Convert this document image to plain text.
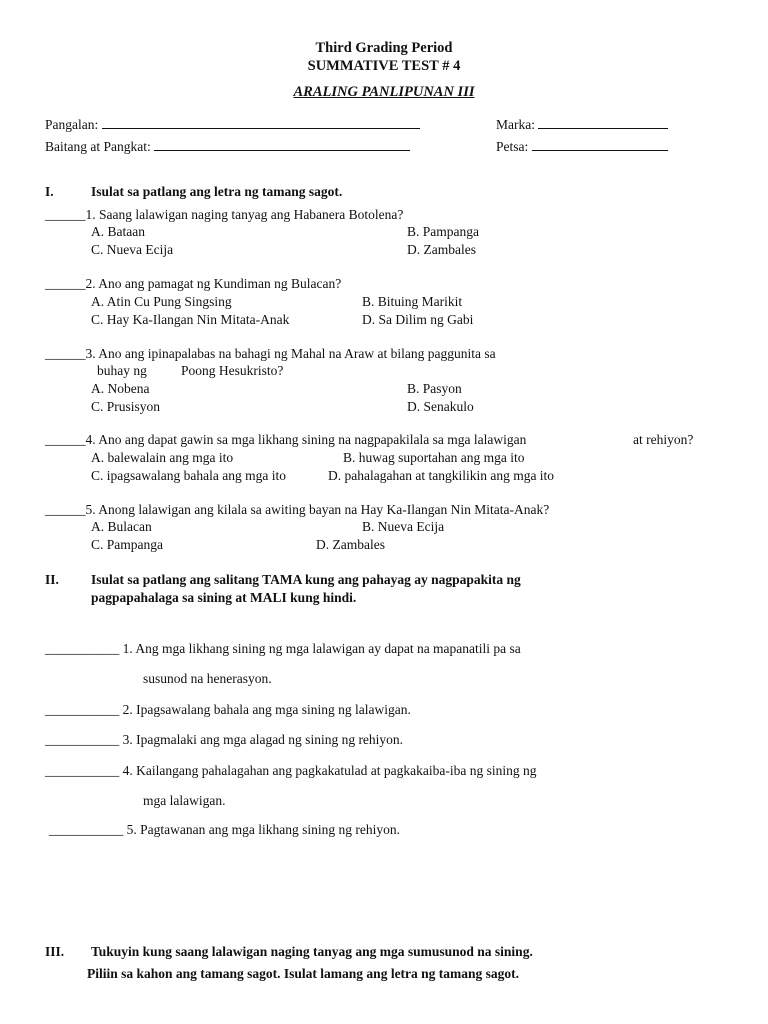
Third Grading Period
SUMMATIVE TEST # 4
ARALING PANLIPUNAN III
Pangalan:	Marka:
Baitang at Pangkat:	Petsa:
I.	Isulat sa patlang ang letra ng tamang sagot.
______1. Saang lalawigan naging tanyag ang Habanera Botolena?
A. Bataan	B. Pampanga
C. Nueva Ecija	D. Zambales
______2. Ano ang pamagat ng Kundiman ng Bulacan?
A. Atin Cu Pung Singsing	B. Bituing Marikit
C. Hay Ka-Ilangan Nin Mitata-Anak	D. Sa Dilim ng Gabi
______3. Ano ang ipinapalabas na bahagi ng Mahal na Araw at bilang paggunita sa
buhay ng	Poong Hesukristo?
A. Nobena	B. Pasyon
C. Prusisyon	D. Senakulo
______4. Ano ang dapat gawin sa mga likhang sining na nagpapakilala sa mga lalawigan	at rehiyon?
A. balewalain ang mga ito	B. huwag suportahan ang mga ito
C. ipagsawalang bahala ang mga ito	D. pahalagahan at tangkilikin ang mga ito
______5. Anong lalawigan ang kilala sa awiting bayan na Hay Ka-Ilangan Nin Mitata-Anak?
A. Bulacan	B. Nueva Ecija
C. Pampanga	D. Zambales
II. Isulat sa patlang ang salitang TAMA kung ang pahayag ay nagpapakita ng
pagpapahalaga sa sining at MALI kung hindi.
___________ 1. Ang mga likhang sining ng mga lalawigan ay dapat na mapanatili pa sa
susunod na henerasyon.
___________ 2. Ipagsawalang bahala ang mga sining ng lalawigan.
___________ 3. Ipagmalaki ang mga alagad ng sining ng rehiyon.
___________ 4. Kailangang pahalagahan ang pagkakatulad at pagkakaiba-iba ng sining ng
mga lalawigan.
___________ 5. Pagtawanan ang mga likhang sining ng rehiyon.
III. Tukuyin kung saang lalawigan naging tanyag ang mga sumusunod na sining.
Piliin sa kahon ang tamang sagot. Isulat lamang ang letra ng tamang sagot.
